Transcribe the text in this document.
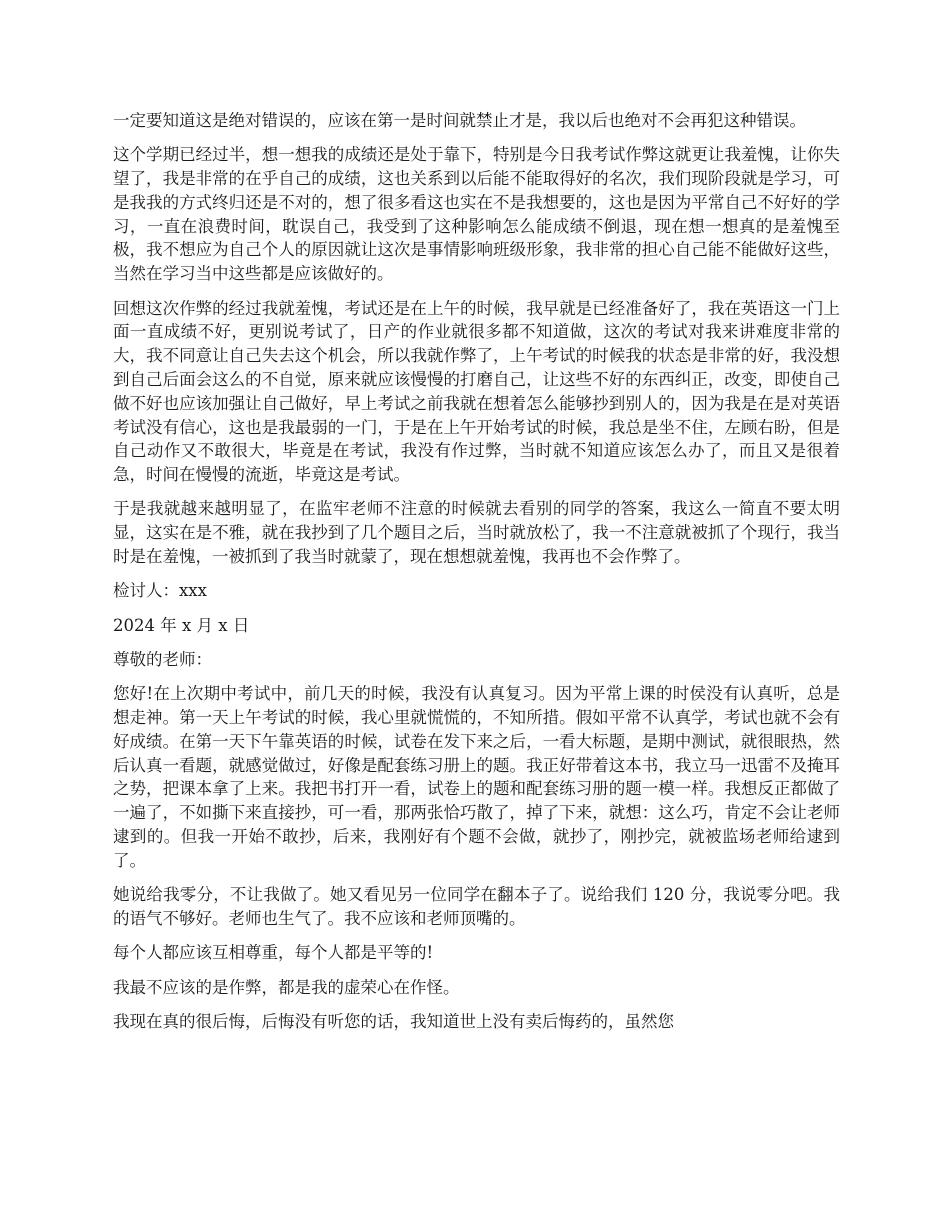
一定要知道这是绝对错误的，应该在第一是时间就禁止才是，我以后也绝对不会再犯这种错误。

这个学期已经过半，想一想我的成绩还是处于靠下，特别是今日我考试作弊这就更让我羞愧，让你失望了，我是非常的在乎自己的成绩，这也关系到以后能不能取得好的名次，我们现阶段就是学习，可是我我的方式终归还是不对的，想了很多看这也实在不是我想要的，这也是因为平常自己不好好的学习，一直在浪费时间，耽误自己，我受到了这种影响怎么能成绩不倒退，现在想一想真的是羞愧至极，我不想应为自己个人的原因就让这次是事情影响班级形象，我非常的担心自己能不能做好这些，当然在学习当中这些都是应该做好的。

回想这次作弊的经过我就羞愧，考试还是在上午的时候，我早就是已经准备好了，我在英语这一门上面一直成绩不好，更别说考试了，日产的作业就很多都不知道做，这次的考试对我来讲难度非常的大，我不同意让自己失去这个机会，所以我就作弊了，上午考试的时候我的状态是非常的好，我没想到自己后面会这么的不自觉，原来就应该慢慢的打磨自己，让这些不好的东西纠正，改变，即使自己做不好也应该加强让自己做好，早上考试之前我就在想着怎么能够抄到别人的，因为我是在是对英语考试没有信心，这也是我最弱的一门，于是在上午开始考试的时候，我总是坐不住，左顾右盼，但是自己动作又不敢很大，毕竟是在考试，我没有作过弊，当时就不知道应该怎么办了，而且又是很着急，时间在慢慢的流逝，毕竟这是考试。

于是我就越来越明显了，在监牢老师不注意的时候就去看别的同学的答案，我这么一简直不要太明显，这实在是不雅，就在我抄到了几个题目之后，当时就放松了，我一不注意就被抓了个现行，我当时是在羞愧，一被抓到了我当时就蒙了，现在想想就羞愧，我再也不会作弊了。

检讨人：xxx

2024 年 x 月 x 日

尊敬的老师：

您好!在上次期中考试中，前几天的时候，我没有认真复习。因为平常上课的时侯没有认真听，总是想走神。第一天上午考试的时候，我心里就慌慌的，不知所措。假如平常不认真学，考试也就不会有好成绩。在第一天下午靠英语的时候，试卷在发下来之后，一看大标题，是期中测试，就很眼热，然后认真一看题，就感觉做过，好像是配套练习册上的题。我正好带着这本书，我立马一迅雷不及掩耳之势，把课本拿了上来。我把书打开一看，试卷上的题和配套练习册的题一模一样。我想反正都做了一遍了，不如撕下来直接抄，可一看，那两张恰巧散了，掉了下来，就想：这么巧，肯定不会让老师逮到的。但我一开始不敢抄，后来，我刚好有个题不会做，就抄了，刚抄完，就被监场老师给逮到了。

她说给我零分，不让我做了。她又看见另一位同学在翻本子了。说给我们 120 分，我说零分吧。我的语气不够好。老师也生气了。我不应该和老师顶嘴的。

每个人都应该互相尊重，每个人都是平等的!

我最不应该的是作弊，都是我的虚荣心在作怪。

我现在真的很后悔，后悔没有听您的话，我知道世上没有卖后悔药的，虽然您
